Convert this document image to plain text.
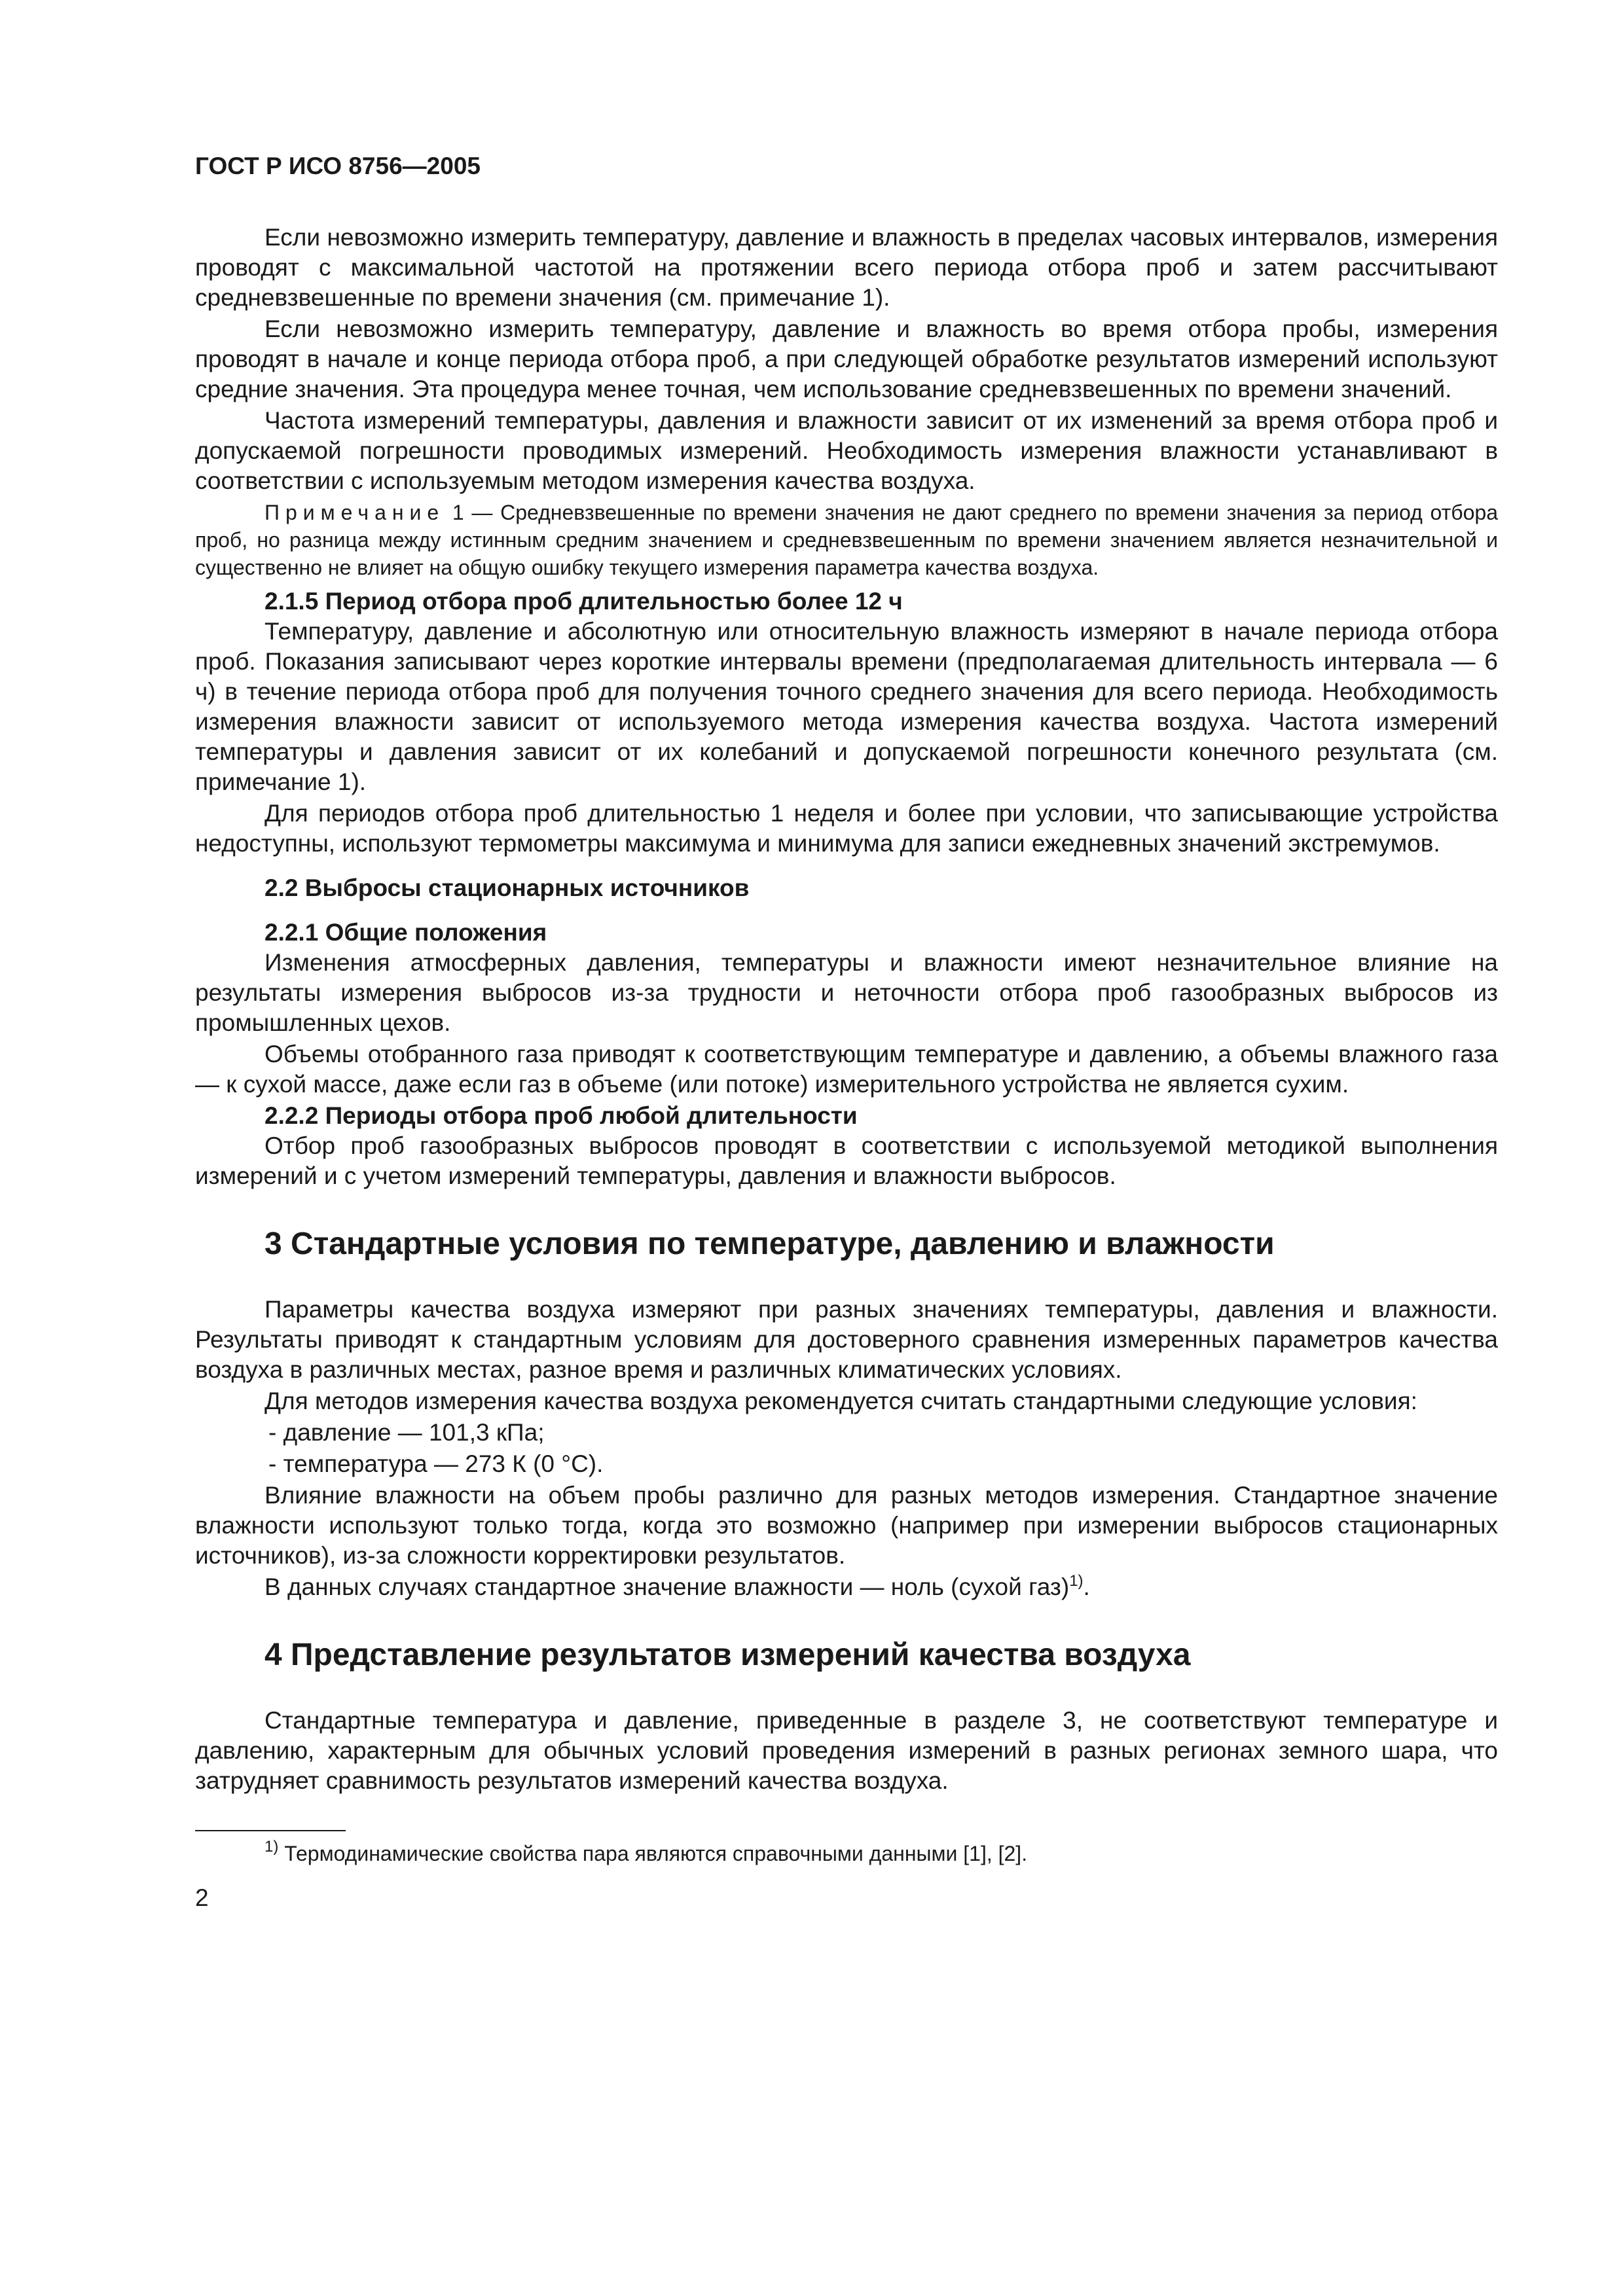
ГОСТ Р ИСО 8756—2005

Если невозможно измерить температуру, давление и влажность в пределах часовых интервалов, измерения проводят с максимальной частотой на протяжении всего периода отбора проб и затем рассчитывают средневзвешенные по времени значения (см. примечание 1).

Если невозможно измерить температуру, давление и влажность во время отбора пробы, измерения проводят в начале и конце периода отбора проб, а при следующей обработке результатов измерений используют средние значения. Эта процедура менее точная, чем использование средневзвешенных по времени значений.

Частота измерений температуры, давления и влажности зависит от их изменений за время отбора проб и допускаемой погрешности проводимых измерений. Необходимость измерения влажности устанавливают в соответствии с используемым методом измерения качества воздуха.

Примечание 1 — Средневзвешенные по времени значения не дают среднего по времени значения за период отбора проб, но разница между истинным средним значением и средневзвешенным по времени значением является незначительной и существенно не влияет на общую ошибку текущего измерения параметра качества воздуха.

2.1.5 Период отбора проб длительностью более 12 ч

Температуру, давление и абсолютную или относительную влажность измеряют в начале периода отбора проб. Показания записывают через короткие интервалы времени (предполагаемая длительность интервала — 6 ч) в течение периода отбора проб для получения точного среднего значения для всего периода. Необходимость измерения влажности зависит от используемого метода измерения качества воздуха. Частота измерений температуры и давления зависит от их колебаний и допускаемой погрешности конечного результата (см. примечание 1).

Для периодов отбора проб длительностью 1 неделя и более при условии, что записывающие устройства недоступны, используют термометры максимума и минимума для записи ежедневных значений экстремумов.

2.2 Выбросы стационарных источников
2.2.1 Общие положения

Изменения атмосферных давления, температуры и влажности имеют незначительное влияние на результаты измерения выбросов из-за трудности и неточности отбора проб газообразных выбросов из промышленных цехов.

Объемы отобранного газа приводят к соответствующим температуре и давлению, а объемы влажного газа — к сухой массе, даже если газ в объеме (или потоке) измерительного устройства не является сухим.

2.2.2 Периоды отбора проб любой длительности

Отбор проб газообразных выбросов проводят в соответствии с используемой методикой выполнения измерений и с учетом измерений температуры, давления и влажности выбросов.

3 Стандартные условия по температуре, давлению и влажности

Параметры качества воздуха измеряют при разных значениях температуры, давления и влажности. Результаты приводят к стандартным условиям для достоверного сравнения измеренных параметров качества воздуха в различных местах, разное время и различных климатических условиях.

Для методов измерения качества воздуха рекомендуется считать стандартными следующие условия:

- давление — 101,3 кПа;

- температура — 273 К (0 °С).

Влияние влажности на объем пробы различно для разных методов измерения. Стандартное значение влажности используют только тогда, когда это возможно (например при измерении выбросов стационарных источников), из-за сложности корректировки результатов.

В данных случаях стандартное значение влажности — ноль (сухой газ)$^{1)}$.

4 Представление результатов измерений качества воздуха

Стандартные температура и давление, приведенные в разделе 3, не соответствуют температуре и давлению, характерным для обычных условий проведения измерений в разных регионах земного шара, что затрудняет сравнимость результатов измерений качества воздуха.

$^{1)}$ Термодинамические свойства пара являются справочными данными [1], [2].

2
